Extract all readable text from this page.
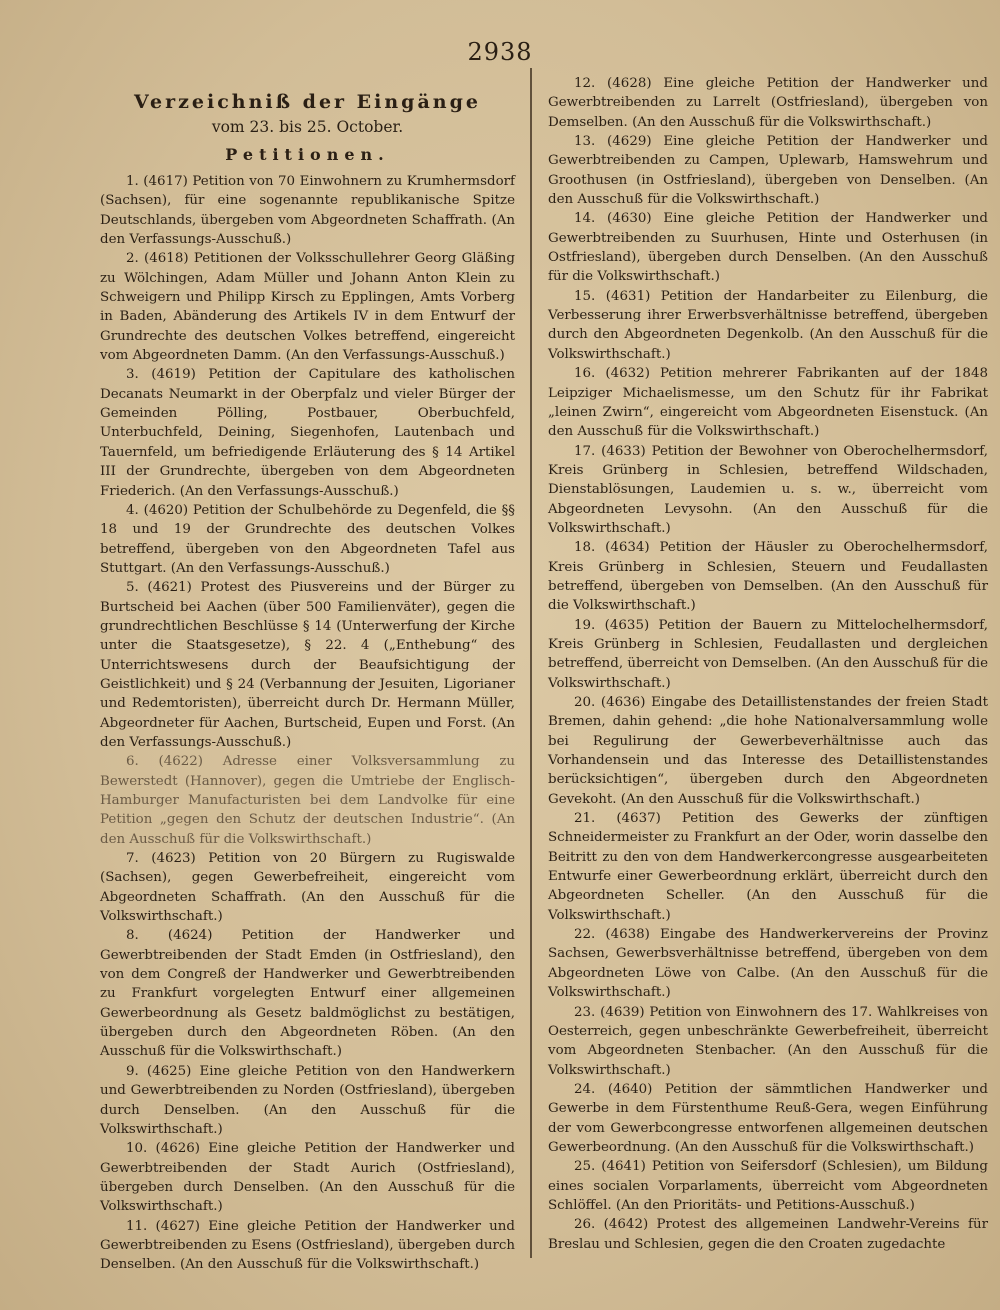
2938
Verzeichniß der Eingänge
vom 23. bis 25. October.
Petitionen.

1. (4617) Petition von 70 Einwohnern zu Krumhermsdorf (Sachsen), für eine sogenannte republikanische Spitze Deutschlands, übergeben vom Abgeordneten Schaffrath. (An den Verfassungs-Ausschuß.)

2. (4618) Petitionen der Volksschullehrer Georg Gläßing zu Wölchingen, Adam Müller und Johann Anton Klein zu Schweigern und Philipp Kirsch zu Epplingen, Amts Vorberg in Baden, Abänderung des Artikels IV in dem Entwurf der Grundrechte des deutschen Volkes betreffend, eingereicht vom Abgeordneten Damm. (An den Verfassungs-Ausschuß.)

3. (4619) Petition der Capitulare des katholischen Decanats Neumarkt in der Oberpfalz und vieler Bürger der Gemeinden Pölling, Postbauer, Oberbuchfeld, Unterbuchfeld, Deining, Siegenhofen, Lautenbach und Tauernfeld, um befriedigende Erläuterung des § 14 Artikel III der Grundrechte, übergeben von dem Abgeordneten Friederich. (An den Verfassungs-Ausschuß.)

4. (4620) Petition der Schulbehörde zu Degenfeld, die §§ 18 und 19 der Grundrechte des deutschen Volkes betreffend, übergeben von den Abgeordneten Tafel aus Stuttgart. (An den Verfassungs-Ausschuß.)

5. (4621) Protest des Piusvereins und der Bürger zu Burtscheid bei Aachen (über 500 Familienväter), gegen die grundrechtlichen Beschlüsse § 14 (Unterwerfung der Kirche unter die Staatsgesetze), § 22. 4 („Enthebung“ des Unterrichtswesens durch der Beaufsichtigung der Geistlichkeit) und § 24 (Verbannung der Jesuiten, Ligorianer und Redemtoristen), überreicht durch Dr. Hermann Müller, Abgeordneter für Aachen, Burtscheid, Eupen und Forst. (An den Verfassungs-Ausschuß.)

6. (4622) Adresse einer Volksversammlung zu Bewerstedt (Hannover), gegen die Umtriebe der Englisch-Hamburger Manufacturisten bei dem Landvolke für eine Petition „gegen den Schutz der deutschen Industrie“. (An den Ausschuß für die Volkswirthschaft.)

7. (4623) Petition von 20 Bürgern zu Rugiswalde (Sachsen), gegen Gewerbefreiheit, eingereicht vom Abgeordneten Schaffrath. (An den Ausschuß für die Volkswirthschaft.)

8. (4624) Petition der Handwerker und Gewerbtreibenden der Stadt Emden (in Ostfriesland), den von dem Congreß der Handwerker und Gewerbtreibenden zu Frankfurt vorgelegten Entwurf einer allgemeinen Gewerbeordnung als Gesetz baldmöglichst zu bestätigen, übergeben durch den Abgeordneten Röben. (An den Ausschuß für die Volkswirthschaft.)

9. (4625) Eine gleiche Petition von den Handwerkern und Gewerbtreibenden zu Norden (Ostfriesland), übergeben durch Denselben. (An den Ausschuß für die Volkswirthschaft.)

10. (4626) Eine gleiche Petition der Handwerker und Gewerbtreibenden der Stadt Aurich (Ostfriesland), übergeben durch Denselben. (An den Ausschuß für die Volkswirthschaft.)

11. (4627) Eine gleiche Petition der Handwerker und Gewerbtreibenden zu Esens (Ostfriesland), übergeben durch Denselben. (An den Ausschuß für die Volkswirthschaft.)

12. (4628) Eine gleiche Petition der Handwerker und Gewerbtreibenden zu Larrelt (Ostfriesland), übergeben von Demselben. (An den Ausschuß für die Volkswirthschaft.)

13. (4629) Eine gleiche Petition der Handwerker und Gewerbtreibenden zu Campen, Uplewarb, Hamswehrum und Groothusen (in Ostfriesland), übergeben von Denselben. (An den Ausschuß für die Volkswirthschaft.)

14. (4630) Eine gleiche Petition der Handwerker und Gewerbtreibenden zu Suurhusen, Hinte und Osterhusen (in Ostfriesland), übergeben durch Denselben. (An den Ausschuß für die Volkswirthschaft.)

15. (4631) Petition der Handarbeiter zu Eilenburg, die Verbesserung ihrer Erwerbsverhältnisse betreffend, übergeben durch den Abgeordneten Degenkolb. (An den Ausschuß für die Volkswirthschaft.)

16. (4632) Petition mehrerer Fabrikanten auf der 1848 Leipziger Michaelismesse, um den Schutz für ihr Fabrikat „leinen Zwirn“, eingereicht vom Abgeordneten Eisenstuck. (An den Ausschuß für die Volkswirthschaft.)

17. (4633) Petition der Bewohner von Oberochelhermsdorf, Kreis Grünberg in Schlesien, betreffend Wildschaden, Dienstablösungen, Laudemien u. s. w., überreicht vom Abgeordneten Levysohn. (An den Ausschuß für die Volkswirthschaft.)

18. (4634) Petition der Häusler zu Oberochelhermsdorf, Kreis Grünberg in Schlesien, Steuern und Feudallasten betreffend, übergeben von Demselben. (An den Ausschuß für die Volkswirthschaft.)

19. (4635) Petition der Bauern zu Mittelochelhermsdorf, Kreis Grünberg in Schlesien, Feudallasten und dergleichen betreffend, überreicht von Demselben. (An den Ausschuß für die Volkswirthschaft.)

20. (4636) Eingabe des Detaillistenstandes der freien Stadt Bremen, dahin gehend: „die hohe Nationalversammlung wolle bei Regulirung der Gewerbeverhältnisse auch das Vorhandensein und das Interesse des Detaillistenstandes berücksichtigen“, übergeben durch den Abgeordneten Gevekoht. (An den Ausschuß für die Volkswirthschaft.)

21. (4637) Petition des Gewerks der zünftigen Schneidermeister zu Frankfurt an der Oder, worin dasselbe den Beitritt zu den von dem Handwerkercongresse ausgearbeiteten Entwurfe einer Gewerbeordnung erklärt, überreicht durch den Abgeordneten Scheller. (An den Ausschuß für die Volkswirthschaft.)

22. (4638) Eingabe des Handwerkervereins der Provinz Sachsen, Gewerbsverhältnisse betreffend, übergeben von dem Abgeordneten Löwe von Calbe. (An den Ausschuß für die Volkswirthschaft.)

23. (4639) Petition von Einwohnern des 17. Wahlkreises von Oesterreich, gegen unbeschränkte Gewerbefreiheit, überreicht vom Abgeordneten Stenbacher. (An den Ausschuß für die Volkswirthschaft.)

24. (4640) Petition der sämmtlichen Handwerker und Gewerbe in dem Fürstenthume Reuß-Gera, wegen Einführung der vom Gewerbcongresse entworfenen allgemeinen deutschen Gewerbeordnung. (An den Ausschuß für die Volkswirthschaft.)

25. (4641) Petition von Seifersdorf (Schlesien), um Bildung eines socialen Vorparlaments, überreicht vom Abgeordneten Schlöffel. (An den Prioritäts- und Petitions-Ausschuß.)

26. (4642) Protest des allgemeinen Landwehr-Vereins für Breslau und Schlesien, gegen die den Croaten zugedachte
